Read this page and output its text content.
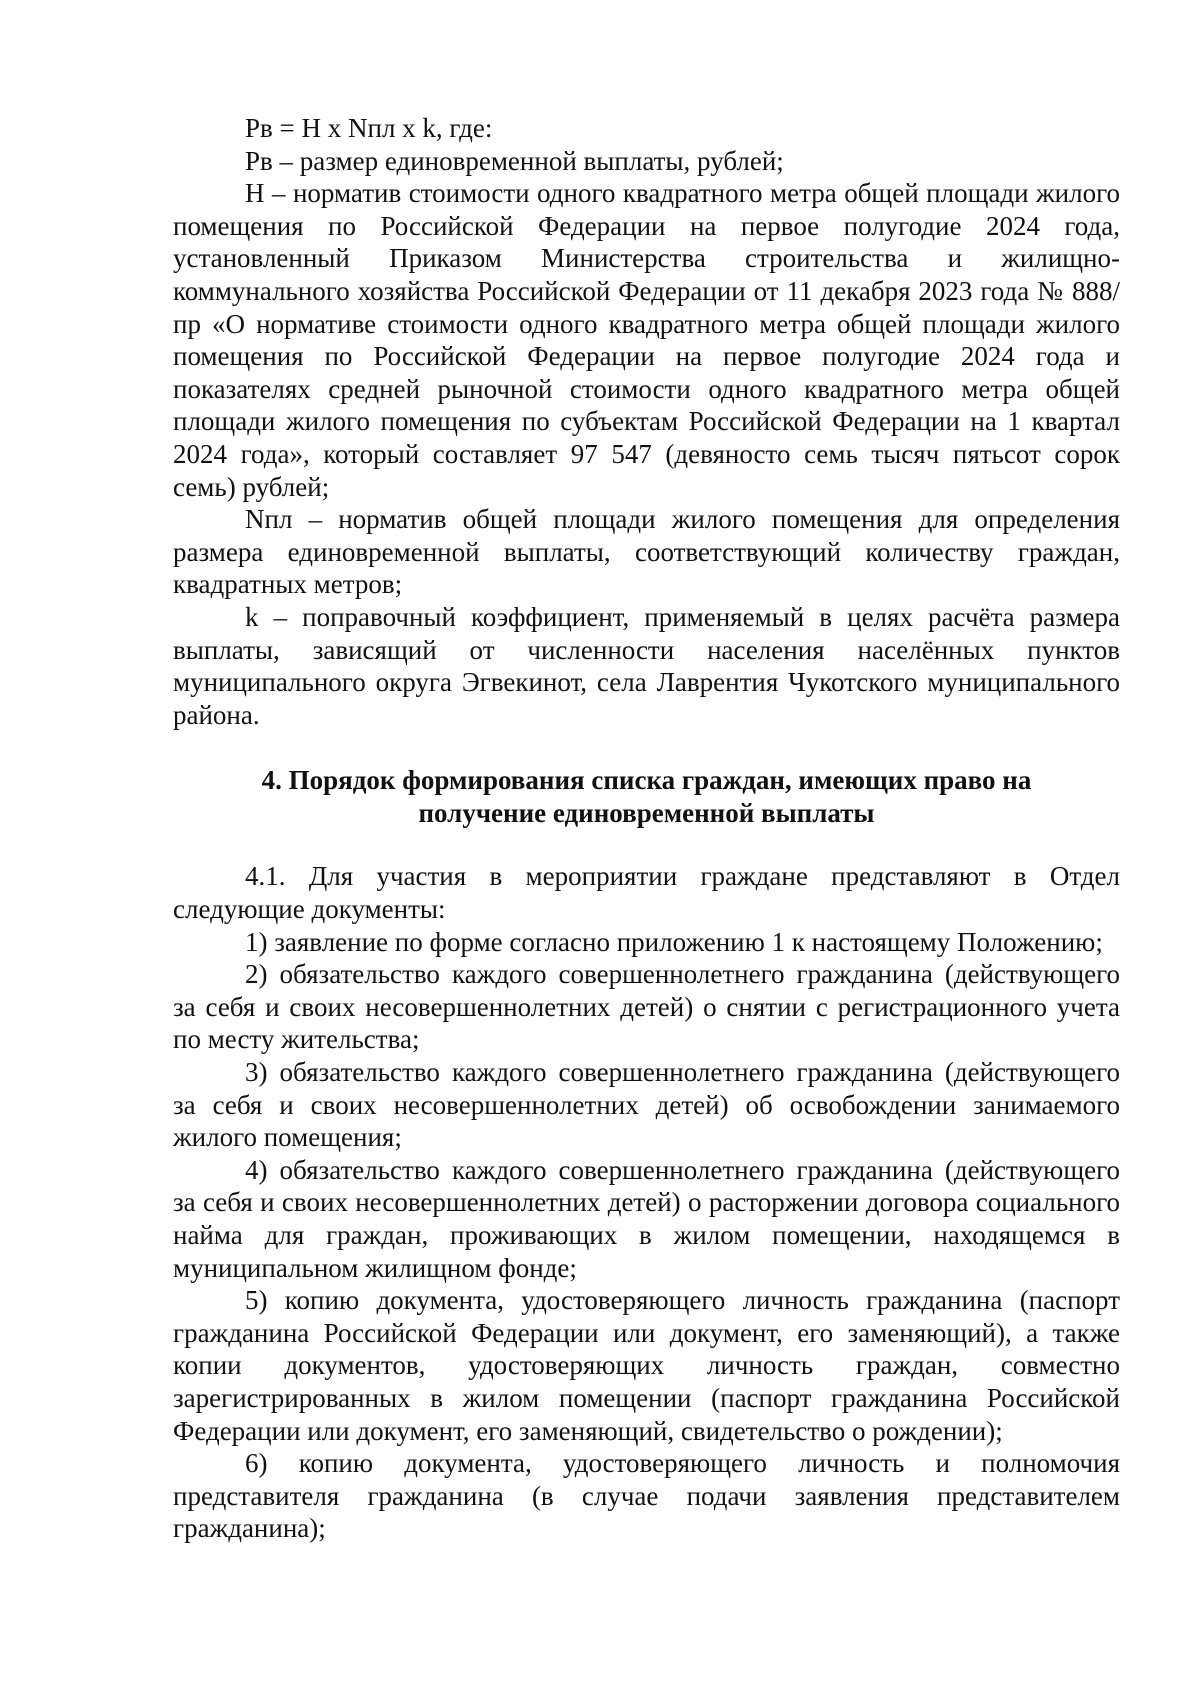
Рв = Н х Nпл х k, где:

Рв – размер единовременной выплаты, рублей;

Н – норматив стоимости одного квадратного метра общей площади жилого помещения по Российской Федерации на первое полугодие 2024 года, установленный Приказом Министерства строительства и жилищно-коммунального хозяйства Российской Федерации от 11 декабря 2023 года № 888/пр «О нормативе стоимости одного квадратного метра общей площади жилого помещения по Российской Федерации на первое полугодие 2024 года и показателях средней рыночной стоимости одного квадратного метра общей площади жилого помещения по субъектам Российской Федерации на 1 квартал 2024 года», который составляет 97 547 (девяносто семь тысяч пятьсот сорок семь) рублей;

Nпл – норматив общей площади жилого помещения для определения размера единовременной выплаты, соответствующий количеству граждан, квадратных метров;

k – поправочный коэффициент, применяемый в целях расчёта размера выплаты, зависящий от численности населения населённых пунктов муниципального округа Эгвекинот, села Лаврентия Чукотского муниципального района.

4. Порядок формирования списка граждан, имеющих право на
получение единовременной выплаты

4.1. Для участия в мероприятии граждане представляют в Отдел следующие документы:

1) заявление по форме согласно приложению 1 к настоящему Положению;

2) обязательство каждого совершеннолетнего гражданина (действующего за себя и своих несовершеннолетних детей) о снятии с регистрационного учета по месту жительства;

3) обязательство каждого совершеннолетнего гражданина (действующего за себя и своих несовершеннолетних детей) об освобождении занимаемого жилого помещения;

4) обязательство каждого совершеннолетнего гражданина (действующего за себя и своих несовершеннолетних детей) о расторжении договора социального найма для граждан, проживающих в жилом помещении, находящемся в муниципальном жилищном фонде;

5) копию документа, удостоверяющего личность гражданина (паспорт гражданина Российской Федерации или документ, его заменяющий), а также копии документов, удостоверяющих личность граждан, совместно зарегистрированных в жилом помещении (паспорт гражданина Российской Федерации или документ, его заменяющий, свидетельство о рождении);

6) копию документа, удостоверяющего личность и полномочия представителя гражданина (в случае подачи заявления представителем гражданина);
